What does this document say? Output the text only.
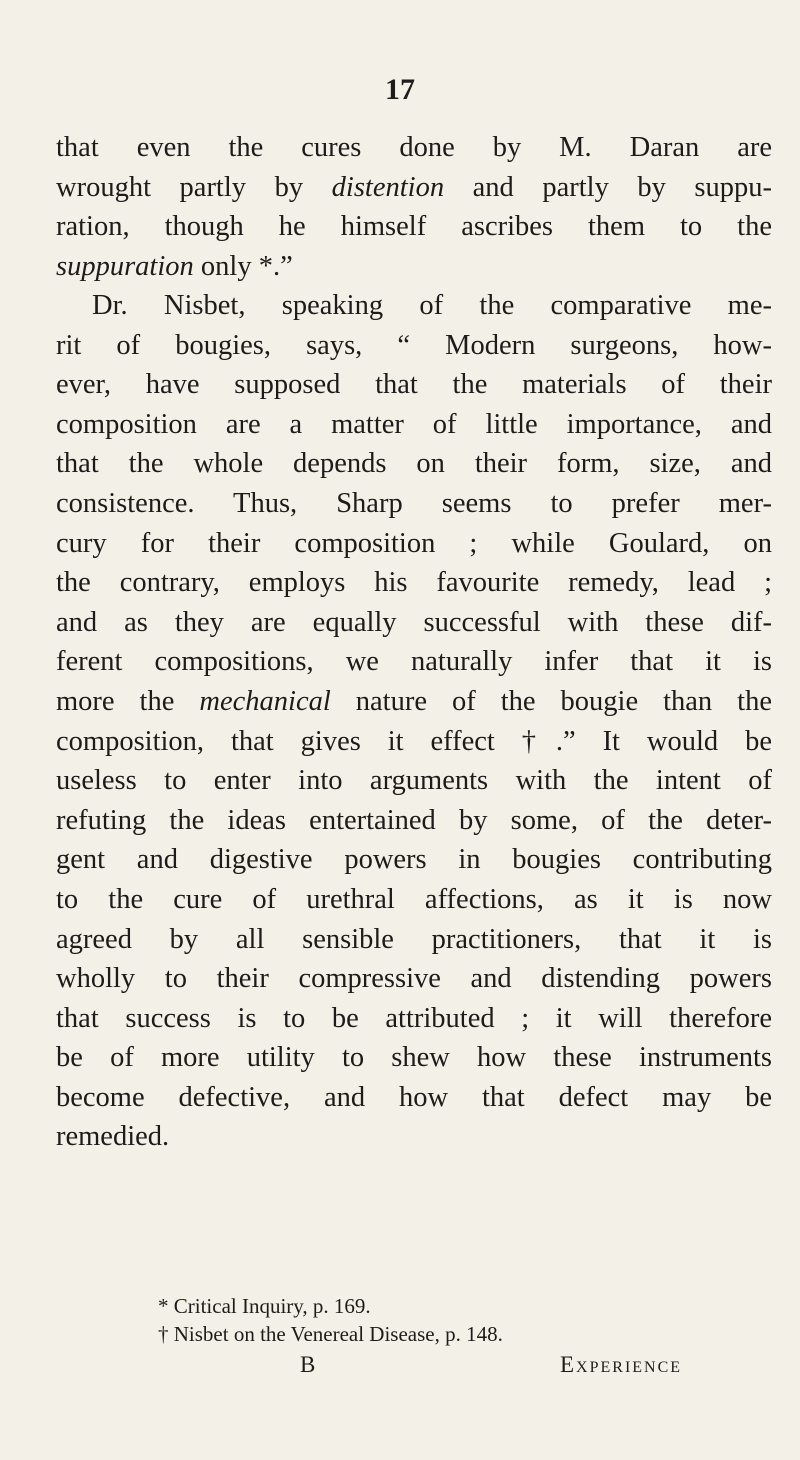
17
that even the cures done by M. Daran are
wrought partly by distention and partly by suppu-
ration, though he himself ascribes them to the
suppuration only *.”
Dr. Nisbet, speaking of the comparative me-
rit of bougies, says, “ Modern surgeons, how-
ever, have supposed that the materials of their
composition are a matter of little importance, and
that the whole depends on their form, size, and
consistence. Thus, Sharp seems to prefer mer-
cury for their composition ; while Goulard, on
the contrary, employs his favourite remedy, lead ;
and as they are equally successful with these dif-
ferent compositions, we naturally infer that it is
more the mechanical nature of the bougie than the
composition, that gives it effect †.” It would be
useless to enter into arguments with the intent of
refuting the ideas entertained by some, of the deter-
gent and digestive powers in bougies contributing
to the cure of urethral affections, as it is now
agreed by all sensible practitioners, that it is
wholly to their compressive and distending powers
that success is to be attributed ; it will therefore
be of more utility to shew how these instruments
become defective, and how that defect may be
remedied.
* Critical Inquiry, p. 169.
† Nisbet on the Venereal Disease, p. 148.
B	Experience
